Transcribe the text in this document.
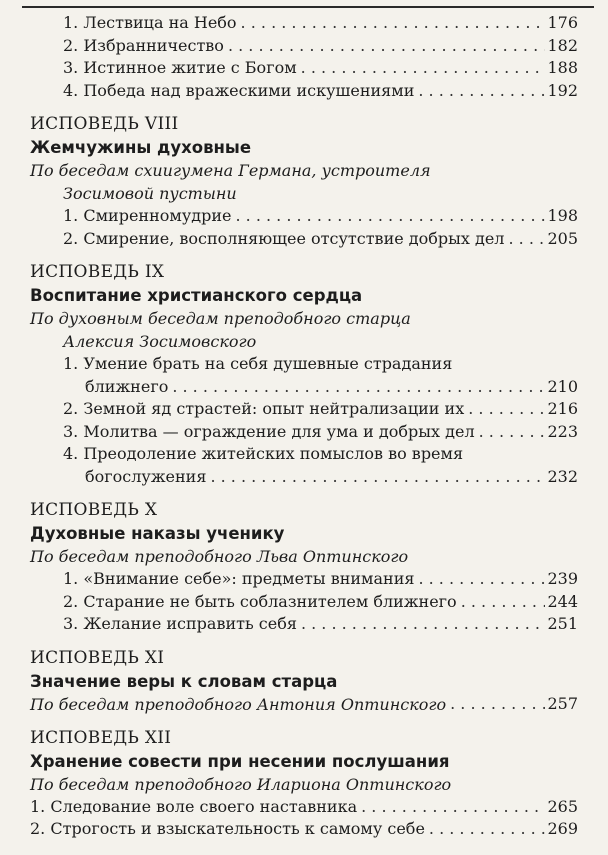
1. Лествица на Небо . . .	176
2. Избранничество . . .	182
3. Истинное житие с Богом . . .	188
4. Победа над вражескими искушениями . . .	192
ИСПОВЕДЬ VIII
Жемчужины духовные
По беседам схиигумена Германа, устроителя
Зосимовой пустыни
1. Смиренномудрие . . .	198
2. Смирение, восполняющее отсутствие добрых дел . . .	205
ИСПОВЕДЬ IX
Воспитание христианского сердца
По духовным беседам преподобного старца
Алексия Зосимовского
1. Умение брать на себя душевные страдания
ближнего . . .	210
2. Земной яд страстей: опыт нейтрализации их . . .	216
3. Молитва — ограждение для ума и добрых дел . . .	223
4. Преодоление житейских помыслов во время
богослужения . . .	232
ИСПОВЕДЬ X
Духовные наказы ученику
По беседам преподобного Льва Оптинского
1. «Внимание себе»: предметы внимания . . .	239
2. Старание не быть соблазнителем ближнего . . .	244
3. Желание исправить себя . . .	251
ИСПОВЕДЬ XI
Значение веры к словам старца
По беседам преподобного Антония Оптинского . . .	257
ИСПОВЕДЬ XII
Хранение совести при несении послушания
По беседам преподобного Илариона Оптинского
1. Следование воле своего наставника . . .	265
2. Строгость и взыскательность к самому себе . . .	269
